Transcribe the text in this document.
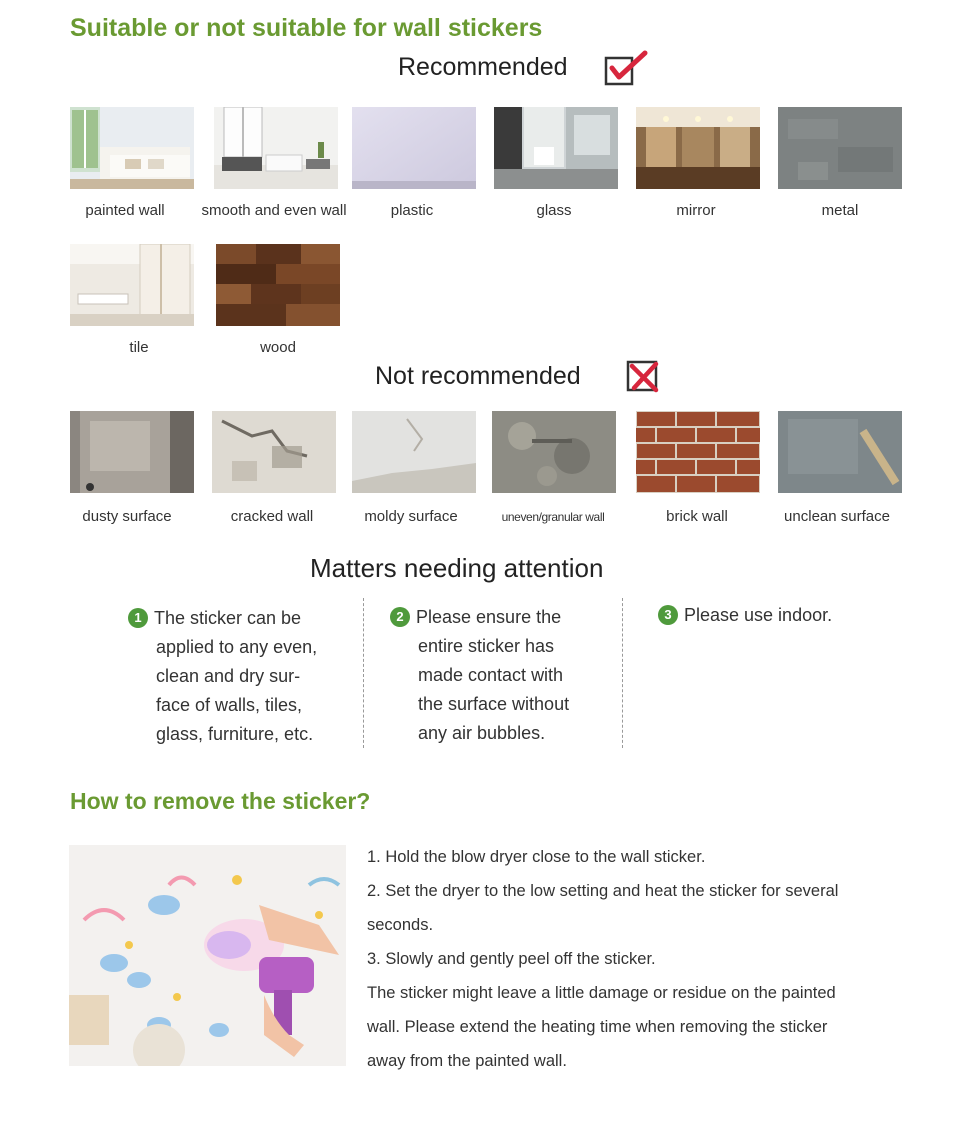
Suitable or not suitable for wall stickers
Recommended
painted wall	smooth and even wall	plastic	glass	mirror	metal
tile	wood
Not recommended
dusty surface	cracked wall	moldy surface	uneven/granular wall	brick wall	unclean surface
Matters needing attention
1 The sticker can be
applied to any even,
clean and dry sur-
face of walls, tiles,
glass, furniture, etc.
2 Please ensure the
entire sticker has
made contact with
the surface without
any air bubbles.
3 Please use indoor.
How to remove the sticker?
1. Hold the blow dryer close to the wall sticker.
2. Set the dryer to the low setting and heat the sticker for several
seconds.
3. Slowly and gently peel off the sticker.
The sticker might leave a little damage or residue on the painted
wall. Please extend the heating time when removing the sticker
away from the painted wall.
